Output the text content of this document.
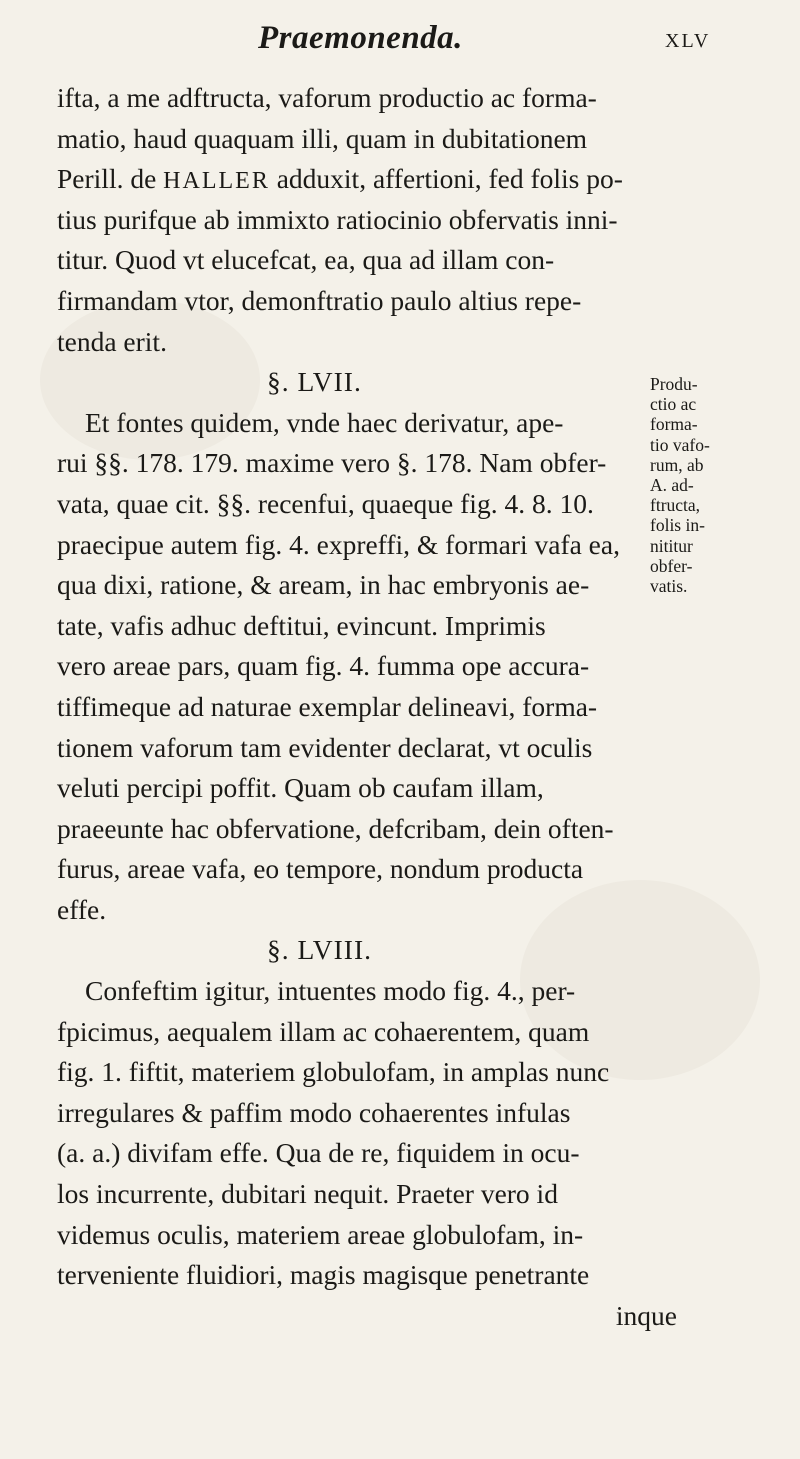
Praemonenda.	XLV
ifta, a me adftructa, vaforum productio ac forma-
matio, haud quaquam illi, quam in dubitationem
Perill. de HALLER adduxit, affertioni, fed folis po-
tius purifque ab immixto ratiocinio obfervatis inni-
titur. Quod vt elucefcat, ea, qua ad illam con-
firmandam vtor, demonftratio paulo altius repe-
tenda erit.
§. LVII.
Et fontes quidem, vnde haec derivatur, ape-
rui §§. 178. 179. maxime vero §. 178. Nam obfer-
vata, quae cit. §§. recenfui, quaeque fig. 4. 8. 10.
praecipue autem fig. 4. expreffi, & formari vafa ea,
qua dixi, ratione, & aream, in hac embryonis ae-
tate, vafis adhuc deftitui, evincunt. Imprimis
vero areae pars, quam fig. 4. fumma ope accura-
tiffimeque ad naturae exemplar delineavi, forma-
tionem vaforum tam evidenter declarat, vt oculis
veluti percipi poffit. Quam ob caufam illam,
praeeunte hac obfervatione, defcribam, dein often-
furus, areae vafa, eo tempore, nondum producta
effe.
§. LVIII.
Confeftim igitur, intuentes modo fig. 4., per-
fpicimus, aequalem illam ac cohaerentem, quam
fig. 1. fiftit, materiem globulofam, in amplas nunc
irregulares & paffim modo cohaerentes infulas
(a. a.) divifam effe. Qua de re, fiquidem in ocu-
los incurrente, dubitari nequit. Praeter vero id
videmus oculis, materiem areae globulofam, in-
terveniente fluidiori, magis magisque penetrante
inque
Produ-
ctio ac
forma-
tio vafo-
rum, ab
A. ad-
ftructa,
folis in-
nititur
obfer-
vatis.
